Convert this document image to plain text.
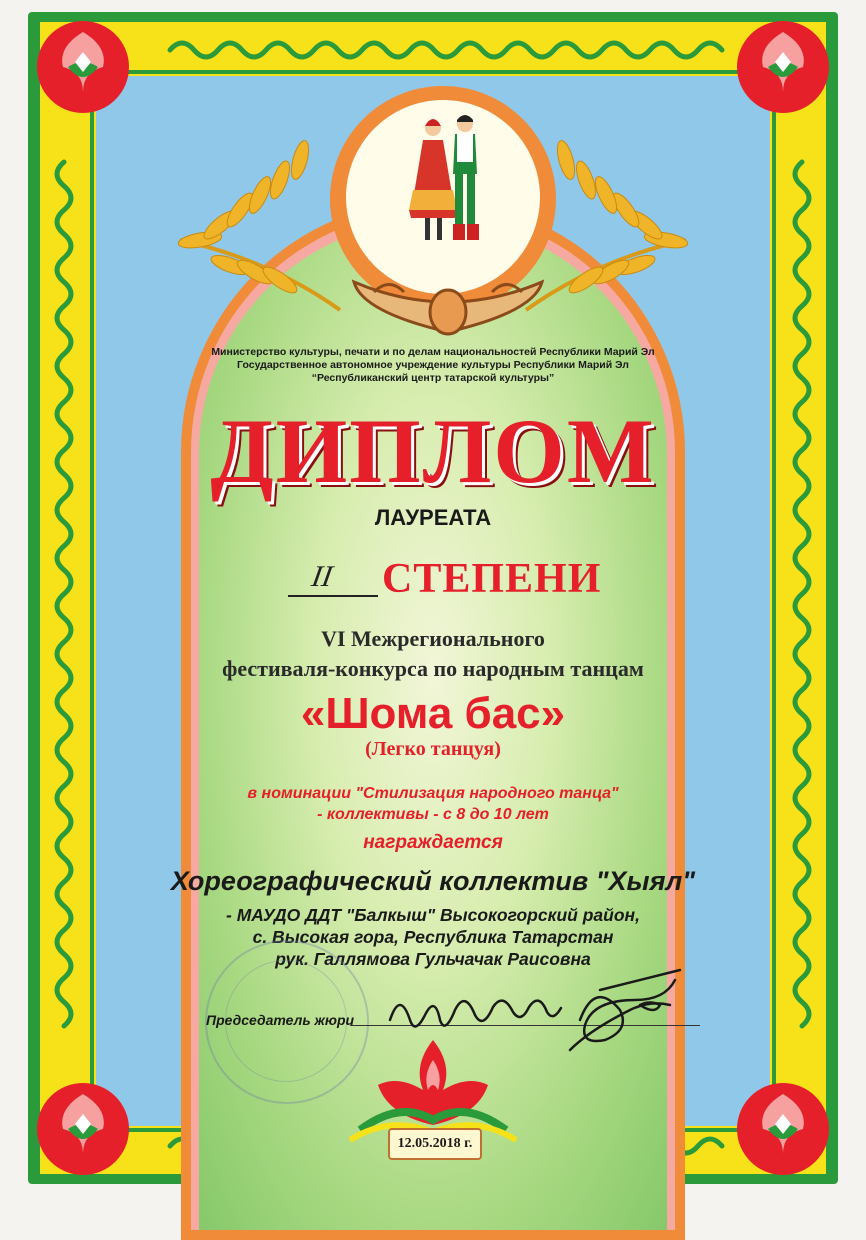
Министерство культуры, печати и по делам национальностей Республики Марий Эл
Государственное автономное учреждение культуры Республики Марий Эл
“Республиканский центр татарской культуры”
ДИПЛОМ
ЛАУРЕАТА
II СТЕПЕНИ
VI Межрегионального
фестиваля-конкурса по народным танцам
«Шома бас»
(Легко танцуя)
в номинации "Стилизация народного танца"
- коллективы - с 8 до 10 лет
награждается
Хореографический коллектив "Хыял"
- МАУДО ДДТ "Балкыш" Высокогорский район,
с. Высокая гора, Республика Татарстан
рук. Галлямова Гульчачак Раисовна
Председатель жюри
12.05.2018 г.
